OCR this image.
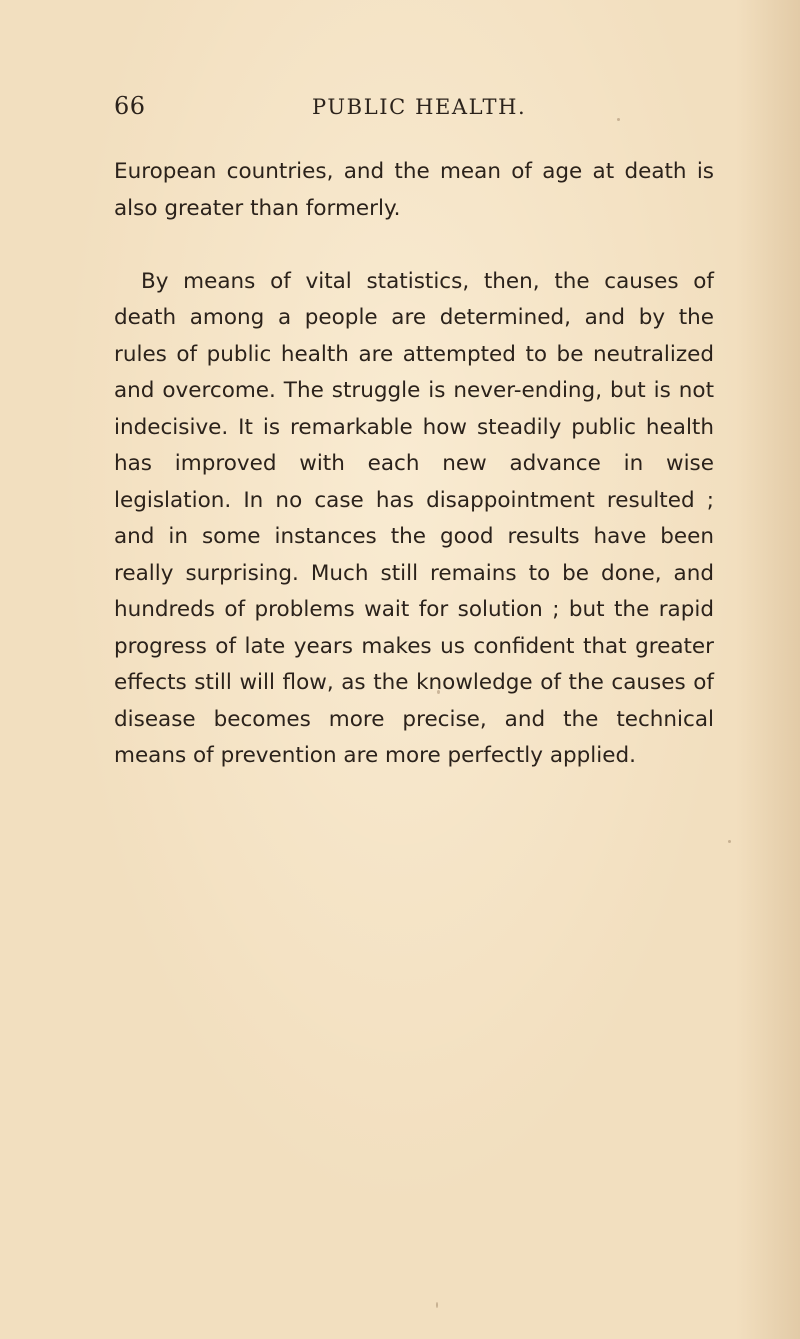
66	PUBLIC HEALTH.

European countries, and the mean of age at death is also greater than formerly.

By means of vital statistics, then, the causes of death among a people are determined, and by the rules of public health are attempted to be neutralized and overcome. The struggle is never-ending, but is not indecisive. It is remarkable how steadily public health has improved with each new advance in wise legislation. In no case has disappointment resulted ; and in some instances the good results have been really surprising. Much still remains to be done, and hundreds of problems wait for solution ; but the rapid progress of late years makes us confident that greater effects still will flow, as the knowledge of the causes of disease becomes more precise, and the technical means of prevention are more perfectly applied.
